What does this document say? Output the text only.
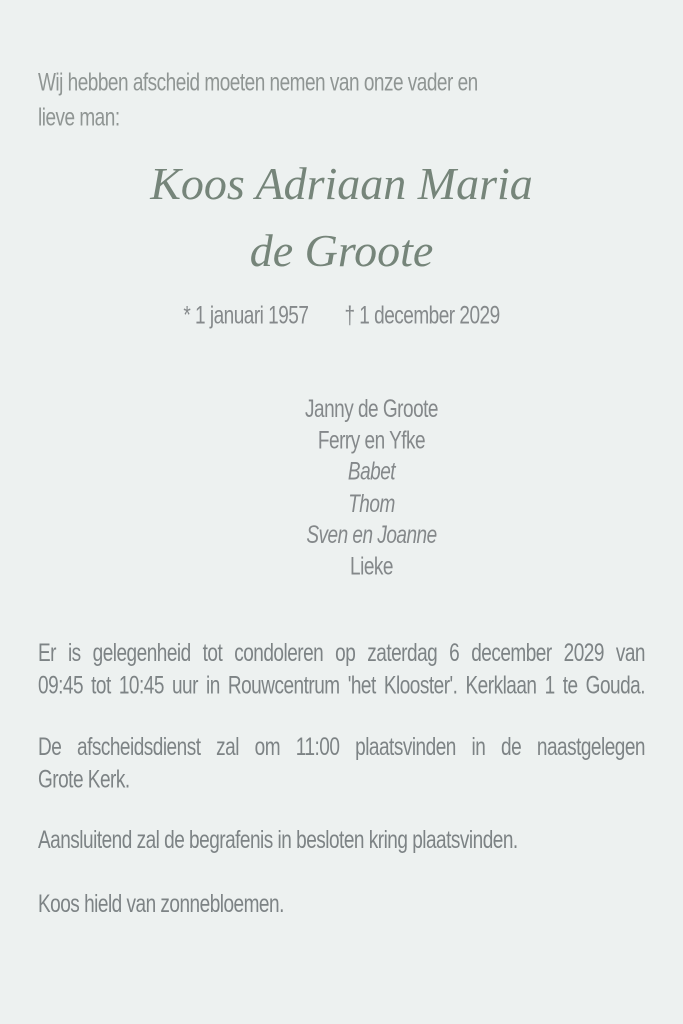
Wij hebben afscheid moeten nemen van onze vader en
lieve man:
Koos Adriaan Maria
de Groote
* 1 januari 1957 † 1 december 2029
Janny de Groote
Ferry en Yfke
Babet
Thom
Sven en Joanne
Lieke
Er is gelegenheid tot condoleren op zaterdag 6 december 2029 van
09:45 tot 10:45 uur in Rouwcentrum 'het Klooster'. Kerklaan 1 te Gouda.
De afscheidsdienst zal om 11:00 plaatsvinden in de naastgelegen
Grote Kerk.
Aansluitend zal de begrafenis in besloten kring plaatsvinden.
Koos hield van zonnebloemen.
